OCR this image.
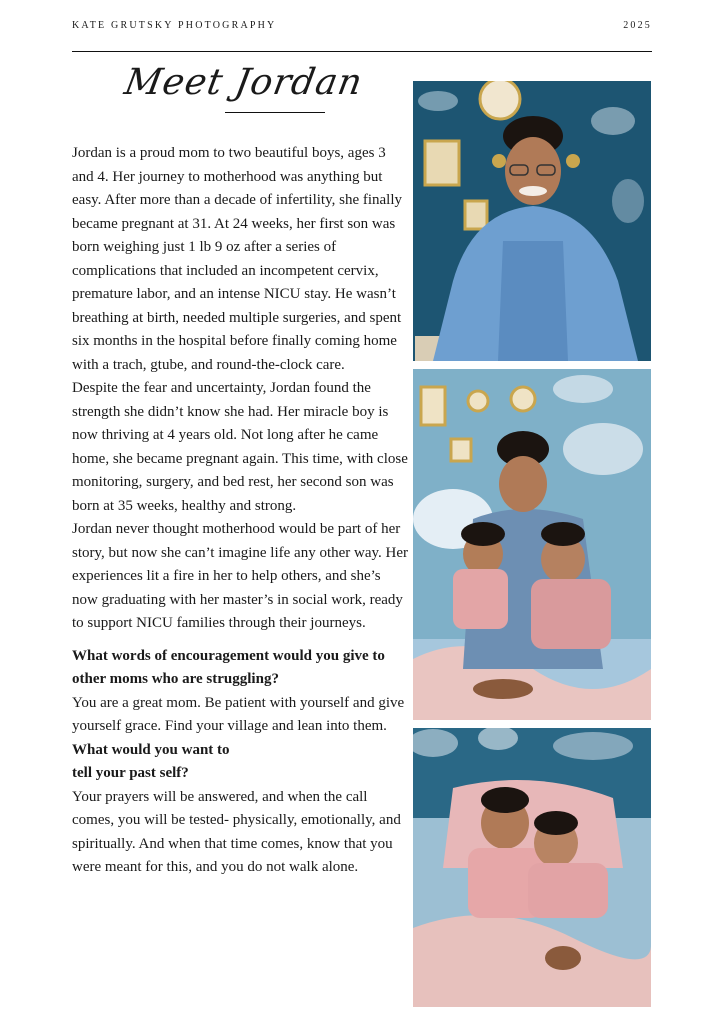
KATE GRUTSKY PHOTOGRAPHY	2025
Meet Jordan

Jordan is a proud mom to two beautiful boys, ages 3 and 4. Her journey to motherhood was anything but easy. After more than a decade of infertility, she finally became pregnant at 31. At 24 weeks, her first son was born weighing just 1 lb 9 oz after a series of complications that included an incompetent cervix, premature labor, and an intense NICU stay. He wasn’t breathing at birth, needed multiple surgeries, and spent six months in the hospital before finally coming home with a trach, gtube, and round-the-clock care.

Despite the fear and uncertainty, Jordan found the strength she didn’t know she had. Her miracle boy is now thriving at 4 years old. Not long after he came home, she became pregnant again. This time, with close monitoring, surgery, and bed rest, her second son was born at 35 weeks, healthy and strong.

Jordan never thought motherhood would be part of her story, but now she can’t imagine life any other way. Her experiences lit a fire in her to help others, and she’s now graduating with her master’s in social work, ready to support NICU families through their journeys.

What words of encouragement would you give to other moms who are struggling?

You are a great mom. Be patient with yourself and give yourself grace. Find your village and lean into them.

What would you want to
tell your past self?

Your prayers will be answered, and when the call comes, you will be tested- physically, emotionally, and spiritually. And when that time comes, know that you were meant for this, and you do not walk alone.
